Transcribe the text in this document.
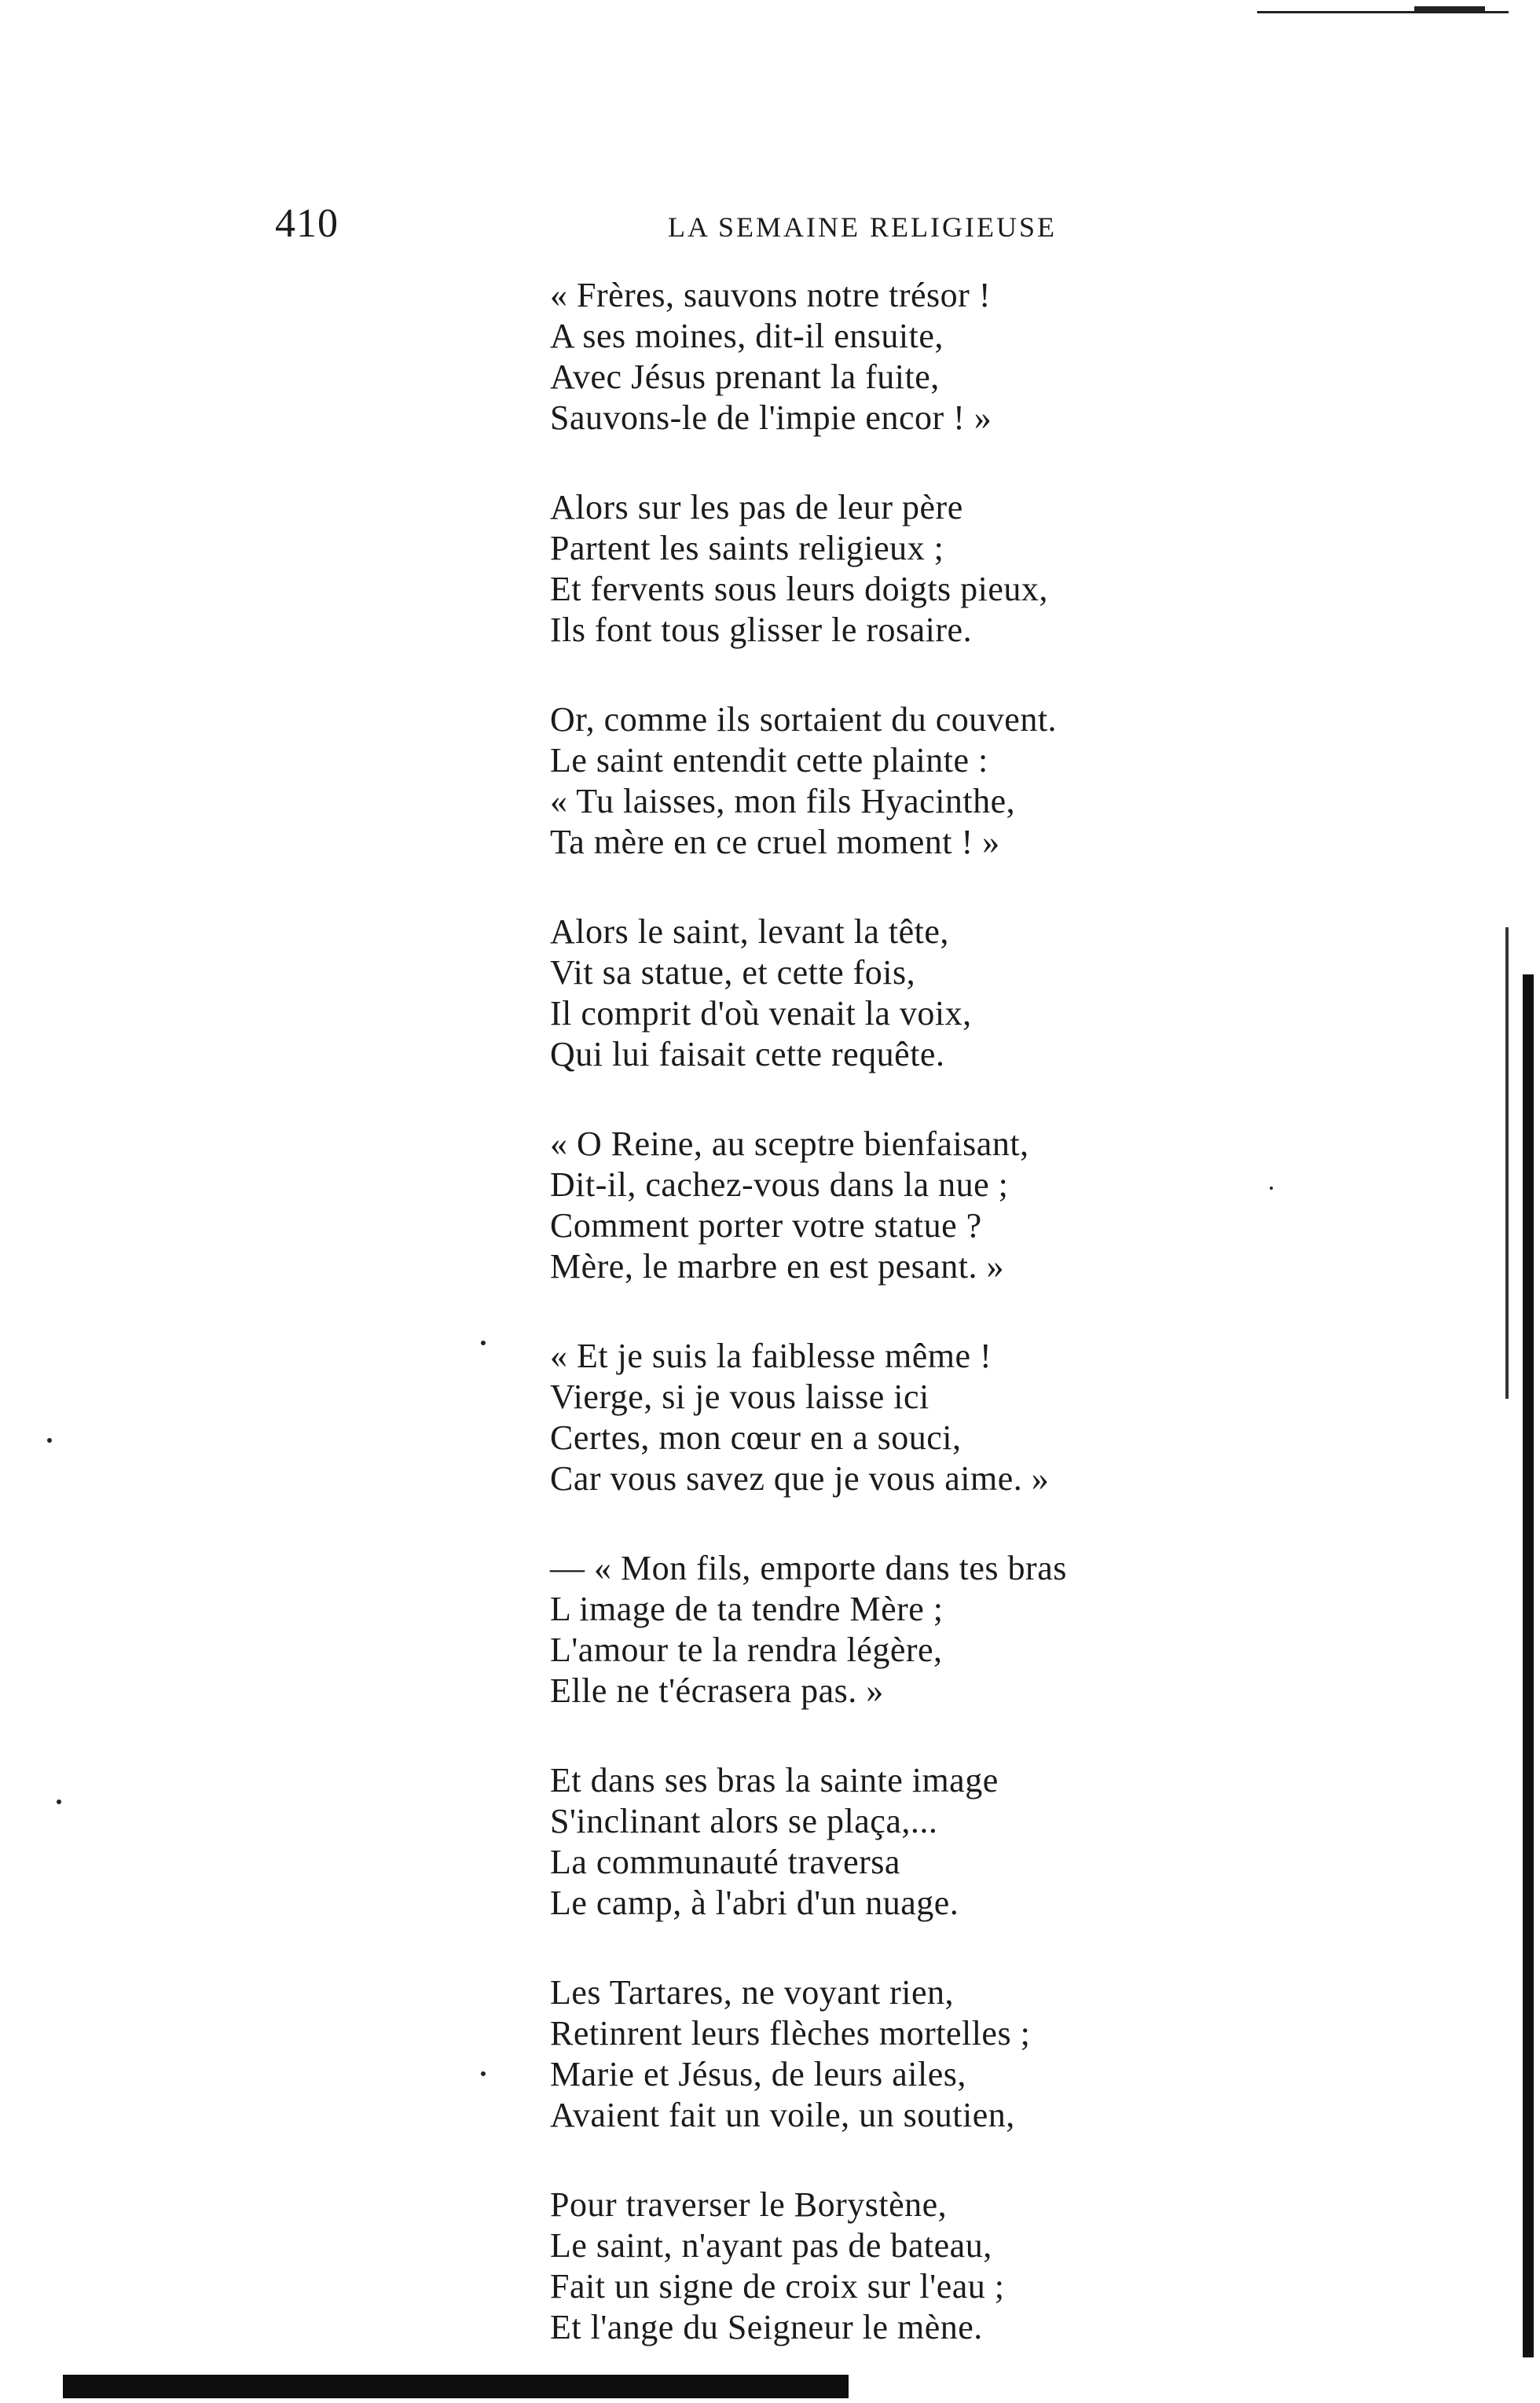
410	LA SEMAINE RELIGIEUSE
« Frères, sauvons notre trésor !
A ses moines, dit-il ensuite,
Avec Jésus prenant la fuite,
Sauvons-le de l'impie encor ! »
Alors sur les pas de leur père
Partent les saints religieux ;
Et fervents sous leurs doigts pieux,
Ils font tous glisser le rosaire.
Or, comme ils sortaient du couvent.
Le saint entendit cette plainte :
« Tu laisses, mon fils Hyacinthe,
Ta mère en ce cruel moment ! »
Alors le saint, levant la tête,
Vit sa statue, et cette fois,
Il comprit d'où venait la voix,
Qui lui faisait cette requête.
« O Reine, au sceptre bienfaisant,
Dit-il, cachez-vous dans la nue ;
Comment porter votre statue ?
Mère, le marbre en est pesant. »
« Et je suis la faiblesse même !
Vierge, si je vous laisse ici
Certes, mon cœur en a souci,
Car vous savez que je vous aime. »
— « Mon fils, emporte dans tes bras
L image de ta tendre Mère ;
L'amour te la rendra légère,
Elle ne t'écrasera pas. »
Et dans ses bras la sainte image
S'inclinant alors se plaça,...
La communauté traversa
Le camp, à l'abri d'un nuage.
Les Tartares, ne voyant rien,
Retinrent leurs flèches mortelles ;
Marie et Jésus, de leurs ailes,
Avaient fait un voile, un soutien,
Pour traverser le Borystène,
Le saint, n'ayant pas de bateau,
Fait un signe de croix sur l'eau ;
Et l'ange du Seigneur le mène.
